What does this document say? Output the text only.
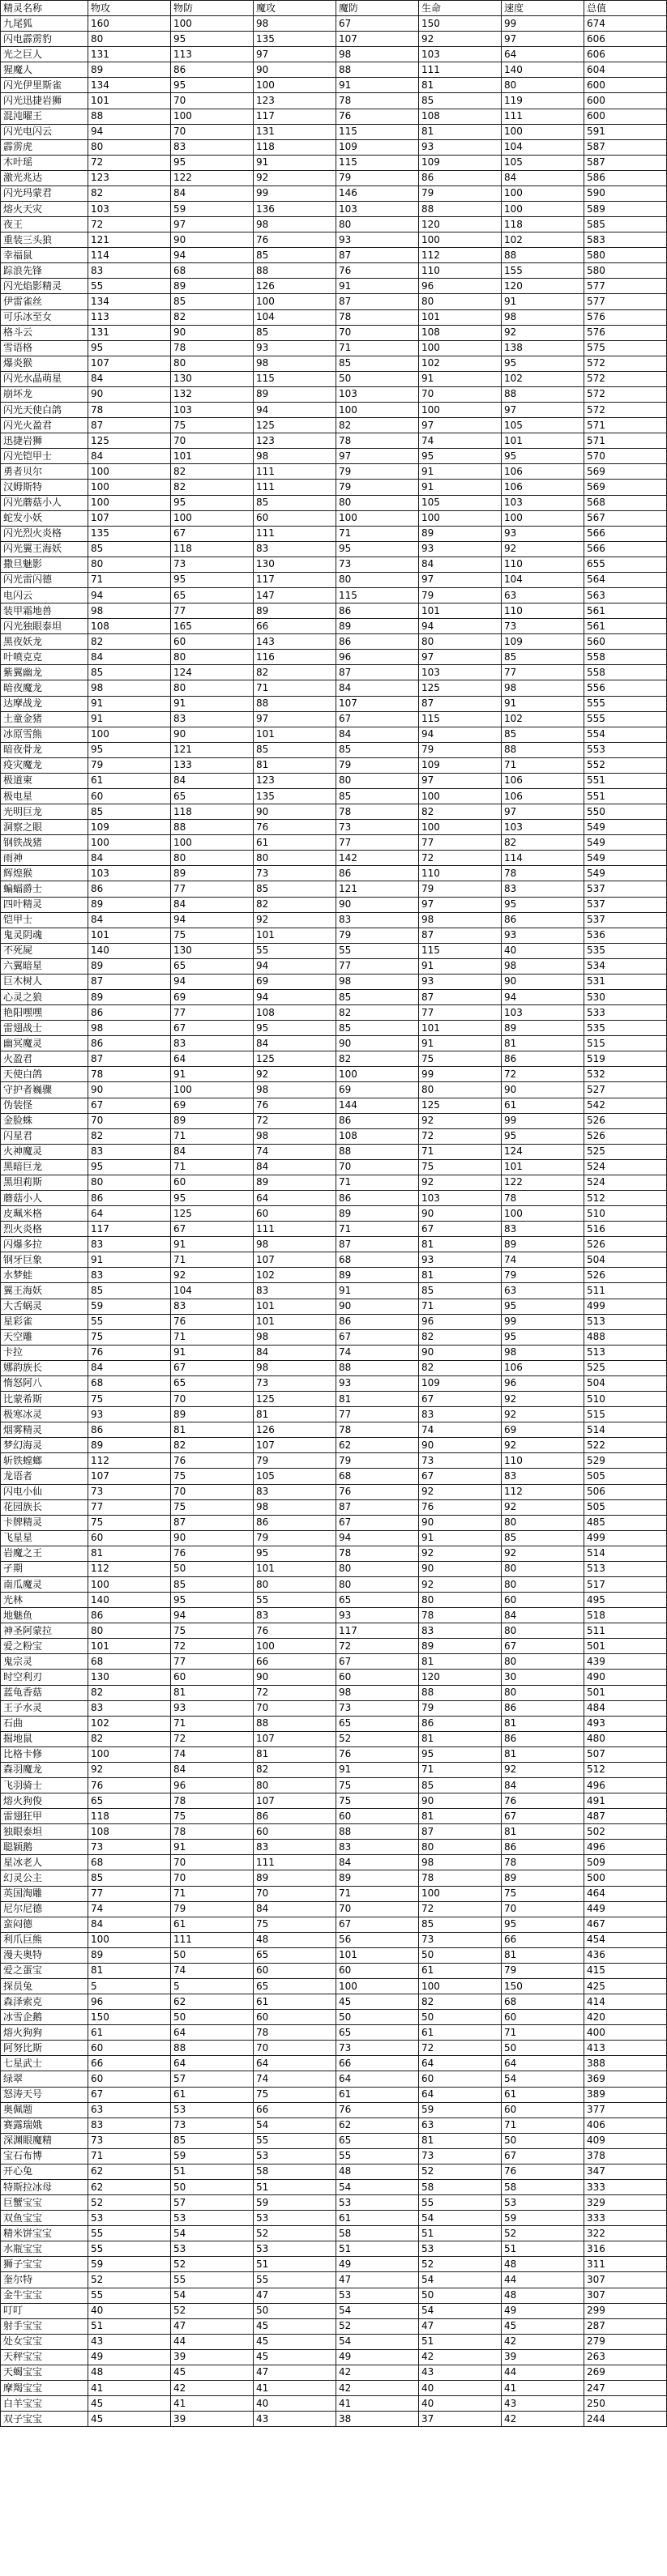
精灵名称	物攻	物防	魔攻	魔防	生命	速度	总值
九尾狐	160	100	98	67	150	99	674
闪电霹雳豹	80	95	135	107	92	97	606
光之巨人	131	113	97	98	103	64	606
猩魔人	89	86	90	88	111	140	604
闪光伊里斯雀	134	95	100	91	81	80	600
闪光迅捷岩狮	101	70	123	78	85	119	600
混沌曜王	88	100	117	76	108	111	600
闪光电闪云	94	70	131	115	81	100	591
霹雳虎	80	83	118	109	93	104	587
木叶瑶	72	95	91	115	109	105	587
激光兆达	123	122	92	79	86	84	586
闪光玛蒙君	82	84	99	146	79	100	590
熔火天灾	103	59	136	103	88	100	589
夜王	72	97	98	80	120	118	585
重装三头狼	121	90	76	93	100	102	583
幸福鼠	114	94	85	87	112	88	580
踪浪先锋	83	68	88	76	110	155	580
闪光焰影精灵	55	89	126	91	96	120	577
伊雷雀丝	134	85	100	87	80	91	577
可乐冰至女	113	82	104	78	101	98	576
格斗云	131	90	85	70	108	92	576
雪语格	95	78	93	71	100	138	575
爆炎猴	107	80	98	85	102	95	572
闪光水晶萌星	84	130	115	50	91	102	572
崩坏龙	90	132	89	103	70	88	572
闪光天使白鸽	78	103	94	100	100	97	572
闪光火盈君	87	75	125	82	97	105	571
迅捷岩狮	125	70	123	78	74	101	571
闪光铠甲士	84	101	98	97	95	95	570
勇者贝尔	100	82	111	79	91	106	569
汉姆斯特	100	82	111	79	91	106	569
闪光蘑菇小人	100	95	85	80	105	103	568
蛇发小妖	107	100	60	100	100	100	567
闪光烈火炎格	135	67	111	71	89	93	566
闪光翼王海妖	85	118	83	95	93	92	566
撒旦魅影	80	73	130	73	84	110	655
闪光雷闪德	71	95	117	80	97	104	564
电闪云	94	65	147	115	79	63	563
装甲霜地兽	98	77	89	86	101	110	561
闪光独眼泰坦	108	165	66	89	94	73	561
黑夜妖龙	82	60	143	86	80	109	560
叶喷克克	84	80	116	96	97	85	558
紫翼幽龙	85	124	82	87	103	77	558
暗夜魔龙	98	80	71	84	125	98	556
达摩战龙	91	91	88	107	87	91	555
土童金猪	91	83	97	67	115	102	555
冰原雪熊	100	90	101	84	94	85	554
暗夜骨龙	95	121	85	85	79	88	553
疫灾魔龙	79	133	81	79	109	71	552
极道柬	61	84	123	80	97	106	551
极电星	60	65	135	85	100	106	551
光明巨龙	85	118	90	78	82	97	550
洞察之眼	109	88	76	73	100	103	549
钢铁战猪	100	100	61	77	77	82	549
雨神	84	80	80	142	72	114	549
辉煌猴	103	89	73	86	110	78	549
蝙蝠爵士	86	77	85	121	79	83	537
四叶精灵	89	84	82	90	97	95	537
铠甲士	84	94	92	83	98	86	537
鬼灵阴魂	101	75	101	79	87	93	536
不死屍	140	130	55	55	115	40	535
六翼暗星	89	65	94	77	91	98	534
巨木树人	87	94	69	98	93	90	531
心灵之狼	89	69	94	85	87	94	530
艳阳嘿嘿	86	77	108	82	77	103	533
雷翅战士	98	67	95	85	101	89	535
幽冥魔灵	86	83	84	90	91	81	515
火盈君	87	64	125	82	75	86	519
天使白鸽	78	91	92	100	99	72	532
守护者巍骤	90	100	98	69	80	90	527
伪装怪	67	69	76	144	125	61	542
金脸蛛	70	89	72	86	92	99	526
闪星君	82	71	98	108	72	95	526
火神魔灵	83	84	74	88	71	124	525
黑暗巨龙	95	71	84	70	75	101	524
黑坦莉斯	80	60	89	71	92	122	524
蘑菇小人	86	95	64	86	103	78	512
皮珮米格	64	125	60	89	90	100	510
烈火炎格	117	67	111	71	67	83	516
闪爆多拉	83	91	98	87	81	89	526
钢牙巨象	91	71	107	68	93	74	504
水梦蛙	83	92	102	89	81	79	526
翼王海妖	85	104	83	91	85	63	511
大舌蜗灵	59	83	101	90	71	95	499
星彩雀	55	76	101	86	96	99	513
天空雕	75	71	98	67	82	95	488
卡拉	76	91	84	74	90	98	513
娜韵族长	84	67	98	88	82	106	525
惰怒阿八	68	65	73	93	109	96	504
比蒙希斯	75	70	125	81	67	92	510
极寒冰灵	93	89	81	77	83	92	515
烟雾精灵	86	81	126	78	74	69	514
梦幻海灵	89	82	107	62	90	92	522
斩铁螳螂	112	76	79	79	73	110	529
龙语者	107	75	105	68	67	83	505
闪电小仙	73	70	83	76	92	112	506
花园族长	77	75	98	87	76	92	505
卡牌精灵	75	87	86	67	90	80	485
飞星星	60	90	79	94	91	85	499
岩魔之王	81	76	95	78	92	92	514
孑期	112	50	101	80	90	80	513
南瓜魔灵	100	85	80	80	92	80	517
光林	140	95	55	65	80	60	495
地魅鱼	86	94	83	93	78	84	518
神圣阿蒙拉	80	75	76	117	83	80	511
爱之粉宝	101	72	100	72	89	67	501
鬼宗灵	68	77	66	67	81	80	439
时空利刃	130	60	90	60	120	30	490
蓝龟香菇	82	81	72	98	88	80	501
王子水灵	83	93	70	73	79	86	484
石曲	102	71	88	65	86	81	493
掘地鼠	82	72	107	52	81	86	480
比格卡修	100	74	81	76	95	81	507
森羽魔龙	92	84	82	91	71	92	512
飞羽骑士	76	96	80	75	85	84	496
熔火狗俊	65	78	107	75	90	76	491
雷翅狂甲	118	75	86	60	81	67	487
独眼泰坦	108	78	60	88	87	81	502
聪颖鹅	73	91	83	83	80	86	496
星冰老人	68	70	111	84	98	78	509
幻灵公主	85	70	89	89	78	89	500
英国淘雕	77	71	70	71	100	75	464
尼尔尼德	74	79	84	70	72	70	449
蛮闷德	84	61	75	67	85	95	467
利爪巨熊	100	111	48	56	73	66	454
漫夫奥特	89	50	65	101	50	81	436
爱之蛋宝	81	74	60	60	61	79	415
探员兔	5	5	65	100	100	150	425
森泽索克	96	62	61	45	82	68	414
冰雪企鹅	150	50	60	50	50	60	420
熔火狗狗	61	64	78	65	61	71	400
阿努比斯	60	88	70	73	72	50	413
七星武士	66	64	64	66	64	64	388
绿翠	60	57	74	64	60	54	369
怒涛天号	67	61	75	61	64	61	389
奥佩题	63	53	66	76	59	60	377
赛露瑞娥	83	73	54	62	63	71	406
深渊眼魔精	73	85	55	65	81	50	409
宝石布博	71	59	53	55	73	67	378
开心兔	62	51	58	48	52	76	347
特斯拉冰母	62	50	51	54	58	58	333
巨蟹宝宝	52	57	59	53	55	53	329
双鱼宝宝	53	53	53	61	54	59	333
精米饼宝宝	55	54	52	58	51	52	322
水瓶宝宝	55	53	53	51	53	51	316
狮子宝宝	59	52	51	49	52	48	311
奎尔特	52	55	55	47	54	44	307
金牛宝宝	55	54	47	53	50	48	307
叮叮	40	52	50	54	54	49	299
射手宝宝	51	47	45	52	47	45	287
处女宝宝	43	44	45	54	51	42	279
天秤宝宝	49	39	45	49	42	39	263
天蝎宝宝	48	45	47	42	43	44	269
摩羯宝宝	41	42	41	42	40	41	247
白羊宝宝	45	41	40	41	40	43	250
双子宝宝	45	39	43	38	37	42	244
